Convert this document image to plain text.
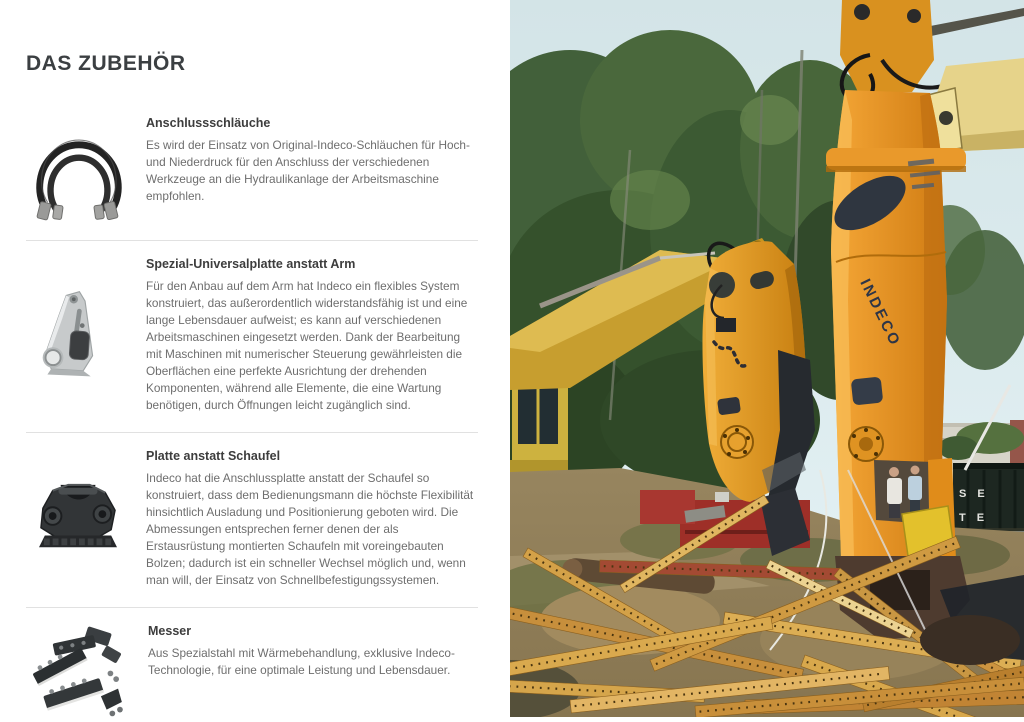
DAS ZUBEHÖR
Anschlussschläuche

Es wird der Einsatz von Original-Indeco-Schläuchen für Hoch- und Niederdruck für den Anschluss der verschiedenen Werkzeuge an die Hydraulikanlage der Arbeitsmaschine empfohlen.

Spezial-Universalplatte anstatt Arm

Für den Anbau auf dem Arm hat Indeco ein flexibles System konstruiert, das außerordentlich widerstandsfähig ist und eine lange Lebensdauer aufweist; es kann auf verschiedenen Arbeitsmaschinen eingesetzt werden. Dank der Bearbeitung mit Maschinen mit numerischer Steuerung gewährleisten die Oberflächen eine perfekte Ausrichtung der drehenden Komponenten, während alle Elemente, die eine Wartung benötigen, durch Öffnungen leicht zugänglich sind.

Platte anstatt Schaufel

Indeco hat die Anschlussplatte anstatt der Schaufel so konstruiert, dass dem Bedienungsmann die höchste Flexibilität hinsichtlich Ausladung und Positionierung geboten wird. Die Abmessungen entsprechen ferner denen der als Erstausrüstung montierten Schaufeln mit voreingebauten Bolzen; dadurch ist ein schneller Wechsel möglich und, wenn man will, der Einsatz von Schnellbefestigungssystemen.

Messer

Aus Spezialstahl mit Wärmebehandlung, exklusive Indeco-Technologie, für eine optimale Leistung und Lebensdauer.

S E
T E
INDECO
